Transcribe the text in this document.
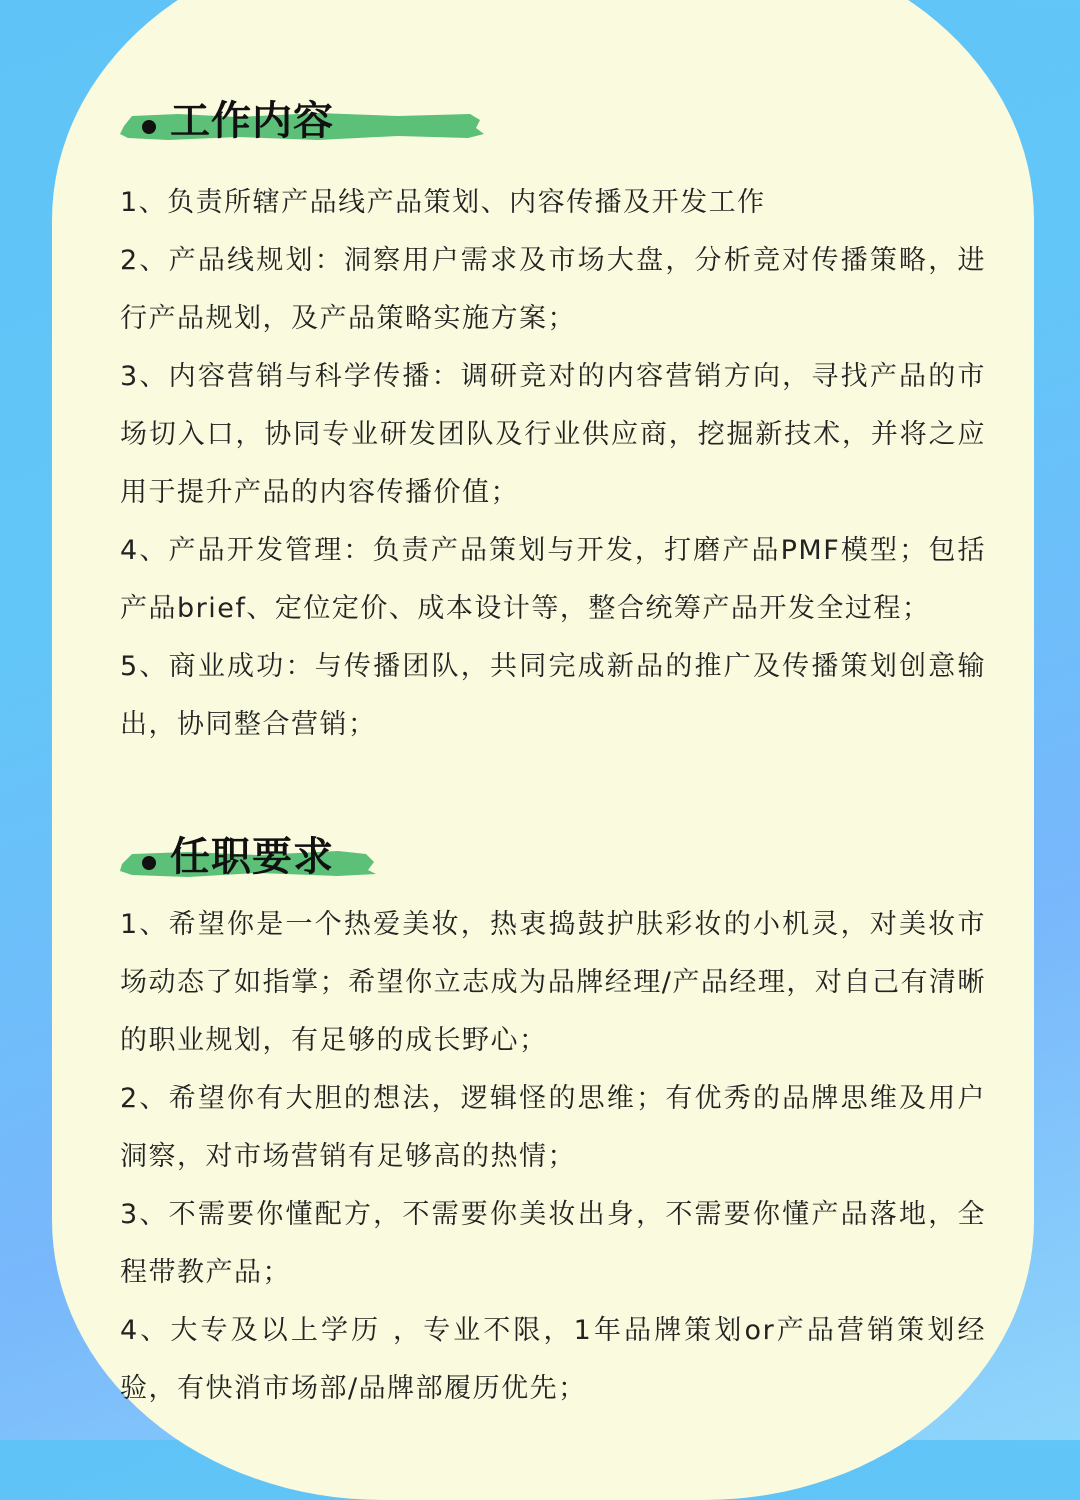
工作内容
1、负责所辖产品线产品策划、内容传播及开发工作
2、产品线规划：洞察用户需求及市场大盘，分析竞对传播策略，进行产品规划，及产品策略实施方案；
3、内容营销与科学传播：调研竞对的内容营销方向，寻找产品的市场切入口，协同专业研发团队及行业供应商，挖掘新技术，并将之应用于提升产品的内容传播价值；
4、产品开发管理：负责产品策划与开发，打磨产品PMF模型；包括产品brief、定位定价、成本设计等，整合统筹产品开发全过程；
5、商业成功：与传播团队，共同完成新品的推广及传播策划创意输出，协同整合营销；
任职要求
1、希望你是一个热爱美妆，热衷捣鼓护肤彩妆的小机灵，对美妆市场动态了如指掌；希望你立志成为品牌经理/产品经理，对自己有清晰的职业规划，有足够的成长野心；
2、希望你有大胆的想法，逻辑怪的思维；有优秀的品牌思维及用户洞察，对市场营销有足够高的热情；
3、不需要你懂配方，不需要你美妆出身，不需要你懂产品落地，全程带教产品；
4、大专及以上学历 ，专业不限，1年品牌策划or产品营销策划经验，有快消市场部/品牌部履历优先；
